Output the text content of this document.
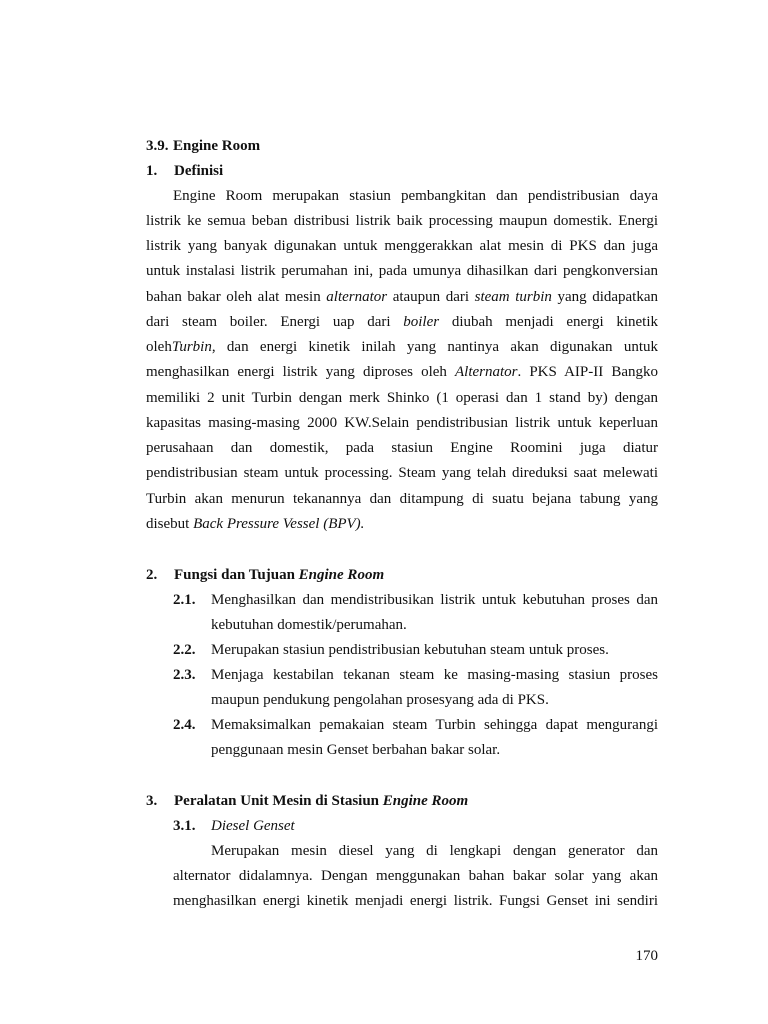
3.9. Engine Room
1. Definisi
Engine Room merupakan stasiun pembangkitan dan pendistribusian daya
listrik ke semua beban distribusi listrik baik processing maupun domestik. Energi
listrik yang banyak digunakan untuk menggerakkan alat mesin di PKS dan juga
untuk instalasi listrik perumahan ini, pada umunya dihasilkan dari pengkonversian
bahan bakar oleh alat mesin alternator ataupun dari steam turbin yang didapatkan
dari steam boiler. Energi uap dari boiler diubah menjadi energi kinetik
olehTurbin, dan energi kinetik inilah yang nantinya akan digunakan untuk
menghasilkan energi listrik yang diproses oleh Alternator. PKS AIP-II Bangko
memiliki 2 unit Turbin dengan merk Shinko (1 operasi dan 1 stand by) dengan
kapasitas masing-masing 2000 KW.Selain pendistribusian listrik untuk keperluan
perusahaan dan domestik, pada stasiun Engine Roomini juga diatur
pendistribusian steam untuk processing. Steam yang telah direduksi saat melewati
Turbin akan menurun tekanannya dan ditampung di suatu bejana tabung yang
disebut Back Pressure Vessel (BPV).
2. Fungsi dan Tujuan Engine Room
2.1. Menghasilkan dan mendistribusikan listrik untuk kebutuhan proses dan
kebutuhan domestik/perumahan.
2.2. Merupakan stasiun pendistribusian kebutuhan steam untuk proses.
2.3. Menjaga kestabilan tekanan steam ke masing-masing stasiun proses
maupun pendukung pengolahan prosesyang ada di PKS.
2.4. Memaksimalkan pemakaian steam Turbin sehingga dapat mengurangi
penggunaan mesin Genset berbahan bakar solar.
3. Peralatan Unit Mesin di Stasiun Engine Room
3.1. Diesel Genset
Merupakan mesin diesel yang di lengkapi dengan generator dan
alternator didalamnya. Dengan menggunakan bahan bakar solar yang akan
menghasilkan energi kinetik menjadi energi listrik. Fungsi Genset ini sendiri
170
